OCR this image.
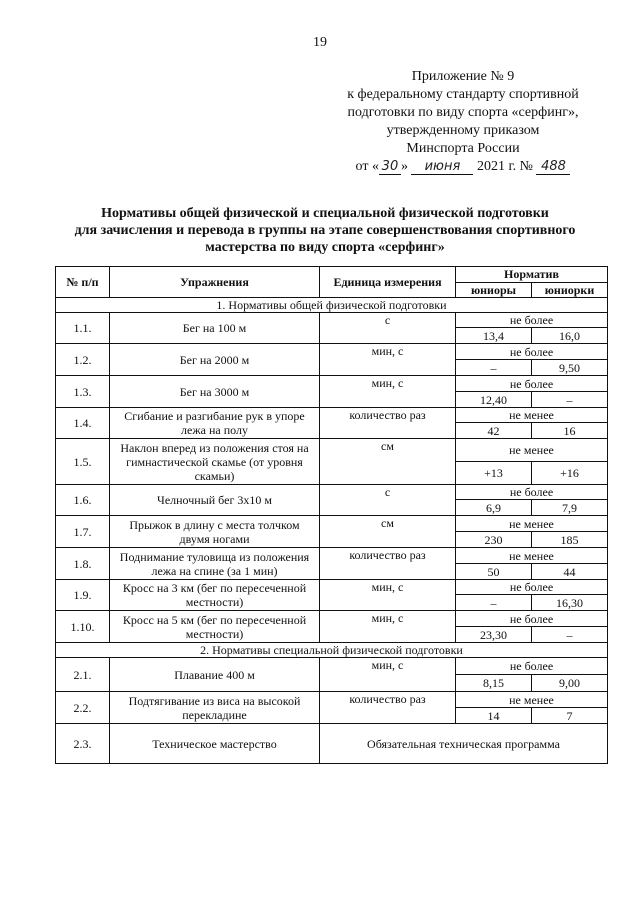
19
Приложение № 9
к федеральному стандарту спортивной
подготовки по виду спорта «серфинг»,
утвержденному приказом
Минспорта России
от « 30 » июня 2021 г. № 488
Нормативы общей физической и специальной физической подготовки
для зачисления и перевода в группы на этапе совершенствования спортивного
мастерства по виду спорта «серфинг»
№ п/п	Упражнения	Единица измерения	Норматив	
			юниоры	юниорки
1. Нормативы общей физической подготовки				
1.1.	Бег на 100 м	с	не более	
			13,4	16,0
1.2.	Бег на 2000 м	мин, с	не более	
			–	9,50
1.3.	Бег на 3000 м	мин, с	не более	
			12,40	–
1.4.	Сгибание и разгибание рук в упоре лежа на полу	количество раз	не менее	
			42	16
1.5.	Наклон вперед из положения стоя на гимнастической скамье (от уровня скамьи)	см	не менее	
			+13	+16
1.6.	Челночный бег 3x10 м	с	не более	
			6,9	7,9
1.7.	Прыжок в длину с места толчком двумя ногами	см	не менее	
			230	185
1.8.	Поднимание туловища из положения лежа на спине (за 1 мин)	количество раз	не менее	
			50	44
1.9.	Кросс на 3 км (бег по пересеченной местности)	мин, с	не более	
			–	16,30
1.10.	Кросс на 5 км (бег по пересеченной местности)	мин, с	не более	
			23,30	–
2. Нормативы специальной физической подготовки				
2.1.	Плавание 400 м	мин, с	не более	
			8,15	9,00
2.2.	Подтягивание из виса на высокой перекладине	количество раз	не менее	
			14	7
2.3.	Техническое мастерство	Обязательная техническая программа		
